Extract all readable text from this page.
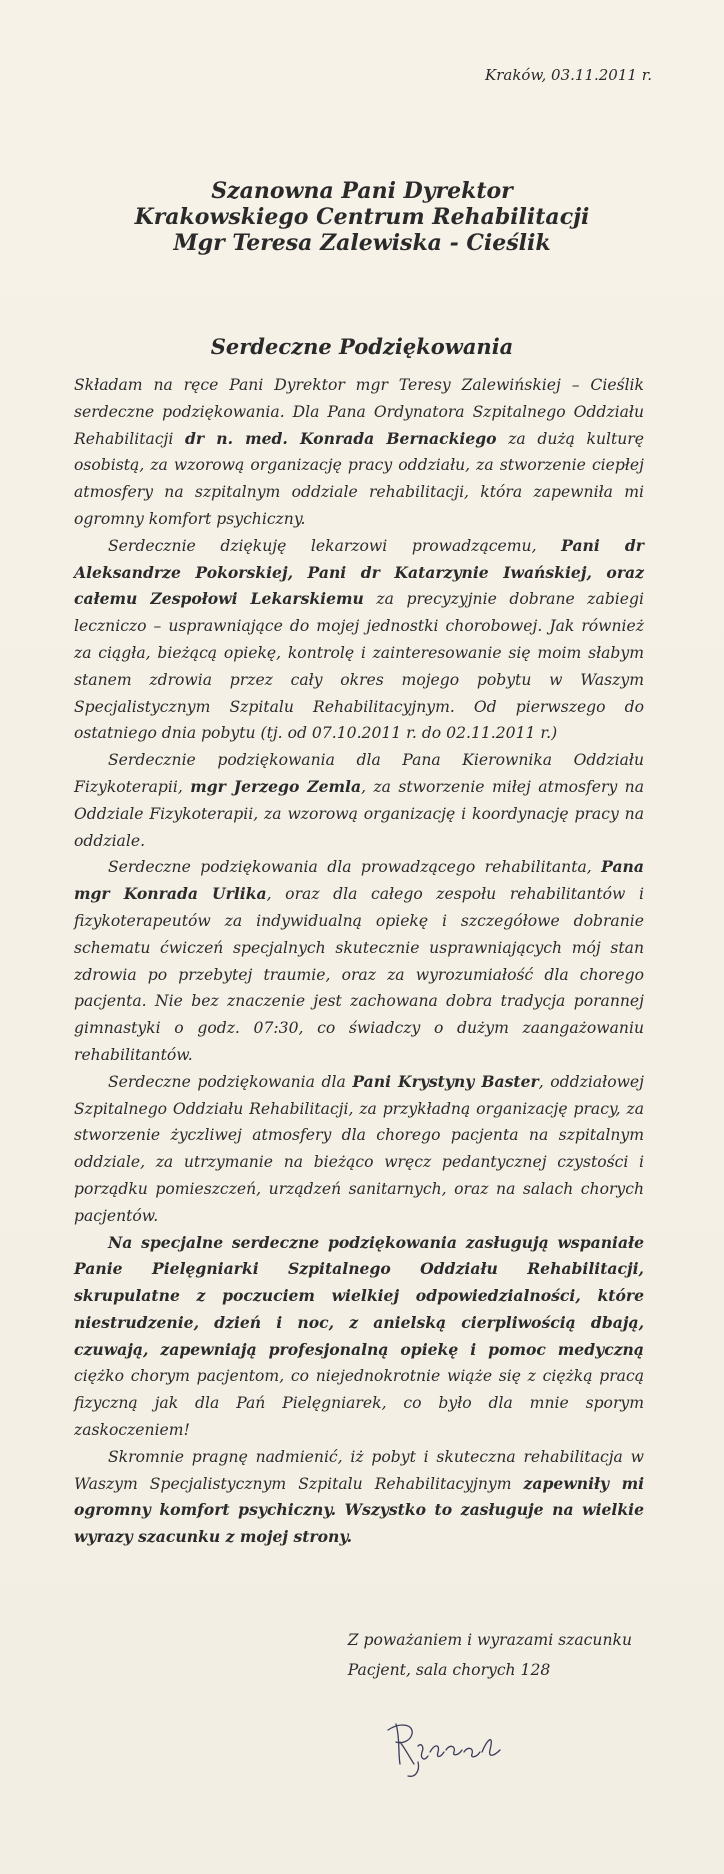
Kraków, 03.11.2011 r.
Szanowna Pani Dyrektor
Krakowskiego Centrum Rehabilitacji
Mgr Teresa Zalewiska - Cieślik
Serdeczne Podziękowania

Składam na ręce Pani Dyrektor mgr Teresy Zalewińskiej – Cieślik serdeczne podziękowania. Dla Pana Ordynatora Szpitalnego Oddziału Rehabilitacji dr n. med. Konrada Bernackiego za dużą kulturę osobistą, za wzorową organizację pracy oddziału, za stworzenie ciepłej atmosfery na szpitalnym oddziale rehabilitacji, która zapewniła mi ogromny komfort psychiczny.

Serdecznie dziękuję lekarzowi prowadzącemu, Pani dr Aleksandrze Pokorskiej, Pani dr Katarzynie Iwańskiej, oraz całemu Zespołowi Lekarskiemu za precyzyjnie dobrane zabiegi leczniczo – usprawniające do mojej jednostki chorobowej. Jak również za ciągła, bieżącą opiekę, kontrolę i zainteresowanie się moim słabym stanem zdrowia przez cały okres mojego pobytu w Waszym Specjalistycznym Szpitalu Rehabilitacyjnym. Od pierwszego do ostatniego dnia pobytu (tj. od 07.10.2011 r. do 02.11.2011 r.)

Serdecznie podziękowania dla Pana Kierownika Oddziału Fizykoterapii, mgr Jerzego Zemla, za stworzenie miłej atmosfery na Oddziale Fizykoterapii, za wzorową organizację i koordynację pracy na oddziale.

Serdeczne podziękowania dla prowadzącego rehabilitanta, Pana mgr Konrada Urlika, oraz dla całego zespołu rehabilitantów i fizykoterapeutów za indywidualną opiekę i szczegółowe dobranie schematu ćwiczeń specjalnych skutecznie usprawniających mój stan zdrowia po przebytej traumie, oraz za wyrozumiałość dla chorego pacjenta. Nie bez znaczenie jest zachowana dobra tradycja porannej gimnastyki o godz. 07:30, co świadczy o dużym zaangażowaniu rehabilitantów.

Serdeczne podziękowania dla Pani Krystyny Baster, oddziałowej Szpitalnego Oddziału Rehabilitacji, za przykładną organizację pracy, za stworzenie życzliwej atmosfery dla chorego pacjenta na szpitalnym oddziale, za utrzymanie na bieżąco wręcz pedantycznej czystości i porządku pomieszczeń, urządzeń sanitarnych, oraz na salach chorych pacjentów.

Na specjalne serdeczne podziękowania zasługują wspaniałe Panie Pielęgniarki Szpitalnego Oddziału Rehabilitacji, skrupulatne z poczuciem wielkiej odpowiedzialności, które niestrudzenie, dzień i noc, z anielską cierpliwością dbają, czuwają, zapewniają profesjonalną opiekę i pomoc medyczną ciężko chorym pacjentom, co niejednokrotnie wiąże się z ciężką pracą fizyczną jak dla Pań Pielęgniarek, co było dla mnie sporym zaskoczeniem!

Skromnie pragnę nadmienić, iż pobyt i skuteczna rehabilitacja w Waszym Specjalistycznym Szpitalu Rehabilitacyjnym zapewniły mi ogromny komfort psychiczny. Wszystko to zasługuje na wielkie wyrazy szacunku z mojej strony.

Z poważaniem i wyrazami szacunku
Pacjent, sala chorych 128
